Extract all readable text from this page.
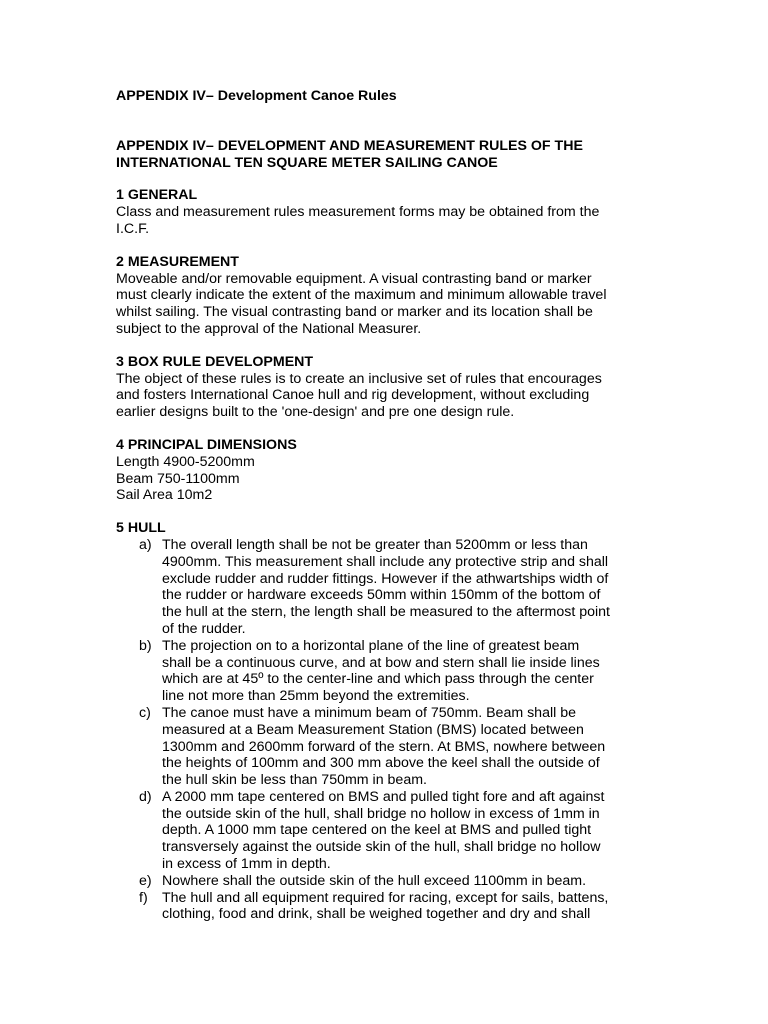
APPENDIX IV– Development Canoe Rules
APPENDIX IV– DEVELOPMENT AND MEASUREMENT RULES OF THE
INTERNATIONAL TEN SQUARE METER SAILING CANOE
1 GENERAL

Class and measurement rules measurement forms may be obtained from the
I.C.F.

2 MEASUREMENT

Moveable and/or removable equipment. A visual contrasting band or marker
must clearly indicate the extent of the maximum and minimum allowable travel
whilst sailing. The visual contrasting band or marker and its location shall be
subject to the approval of the National Measurer.

3 BOX RULE DEVELOPMENT

The object of these rules is to create an inclusive set of rules that encourages
and fosters International Canoe hull and rig development, without excluding
earlier designs built to the 'one-design' and pre one design rule.

4 PRINCIPAL DIMENSIONS

Length 4900-5200mm
Beam 750-1100mm
Sail Area 10m2

5 HULL
a) The overall length shall be not be greater than 5200mm or less than
4900mm. This measurement shall include any protective strip and shall
exclude rudder and rudder fittings. However if the athwartships width of
the rudder or hardware exceeds 50mm within 150mm of the bottom of
the hull at the stern, the length shall be measured to the aftermost point
of the rudder.
b) The projection on to a horizontal plane of the line of greatest beam
shall be a continuous curve, and at bow and stern shall lie inside lines
which are at 45º to the center-line and which pass through the center
line not more than 25mm beyond the extremities.
c) The canoe must have a minimum beam of 750mm. Beam shall be
measured at a Beam Measurement Station (BMS) located between
1300mm and 2600mm forward of the stern. At BMS, nowhere between
the heights of 100mm and 300 mm above the keel shall the outside of
the hull skin be less than 750mm in beam.
d) A 2000 mm tape centered on BMS and pulled tight fore and aft against
the outside skin of the hull, shall bridge no hollow in excess of 1mm in
depth. A 1000 mm tape centered on the keel at BMS and pulled tight
transversely against the outside skin of the hull, shall bridge no hollow
in excess of 1mm in depth.
e) Nowhere shall the outside skin of the hull exceed 1100mm in beam.
f) The hull and all equipment required for racing, except for sails, battens,
clothing, food and drink, shall be weighed together and dry and shall
